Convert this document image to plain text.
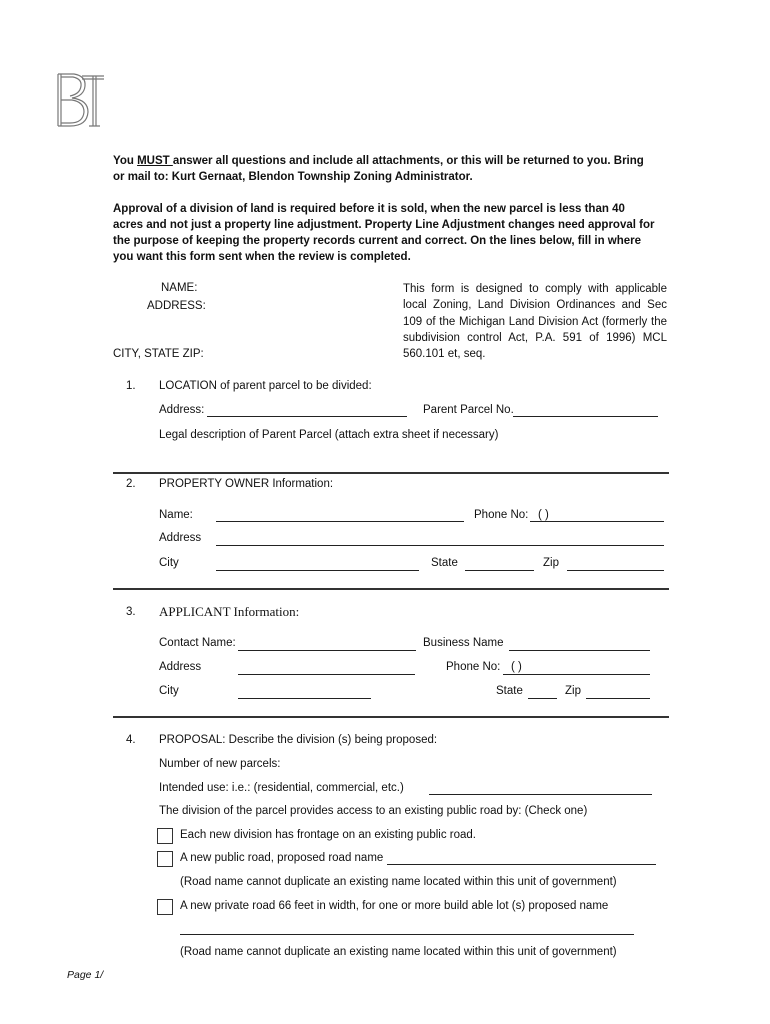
You MUST answer all questions and include all attachments, or this will be returned to you. Bring or mail to: Kurt Gernaat, Blendon Township Zoning Administrator.
Approval of a division of land is required before it is sold, when the new parcel is less than 40 acres and not just a property line adjustment. Property Line Adjustment changes need approval for the purpose of keeping the property records current and correct. On the lines below, fill in where you want this form sent when the review is completed.
NAME:
ADDRESS:
CITY, STATE ZIP:
This form is designed to comply with applicable local Zoning, Land Division Ordinances and Sec 109 of the Michigan Land Division Act (formerly the subdivision control Act, P.A. 591 of 1996) MCL 560.101 et, seq.
1. LOCATION of parent parcel to be divided:
Address:	Parent Parcel No.
Legal description of Parent Parcel (attach extra sheet if necessary)
2. PROPERTY OWNER Information:
Name:	Phone No: ( )
Address
City	State	Zip
3. APPLICANT Information:
Contact Name:	Business Name
Address	Phone No: ( )
City	State	Zip
4. PROPOSAL: Describe the division (s) being proposed:
Number of new parcels:
Intended use: i.e.: (residential, commercial, etc.)
The division of the parcel provides access to an existing public road by: (Check one)
Each new division has frontage on an existing public road.
A new public road, proposed road name
(Road name cannot duplicate an existing name located within this unit of government)
A new private road 66 feet in width, for one or more build able lot (s) proposed name
(Road name cannot duplicate an existing name located within this unit of government)
Page 1/
